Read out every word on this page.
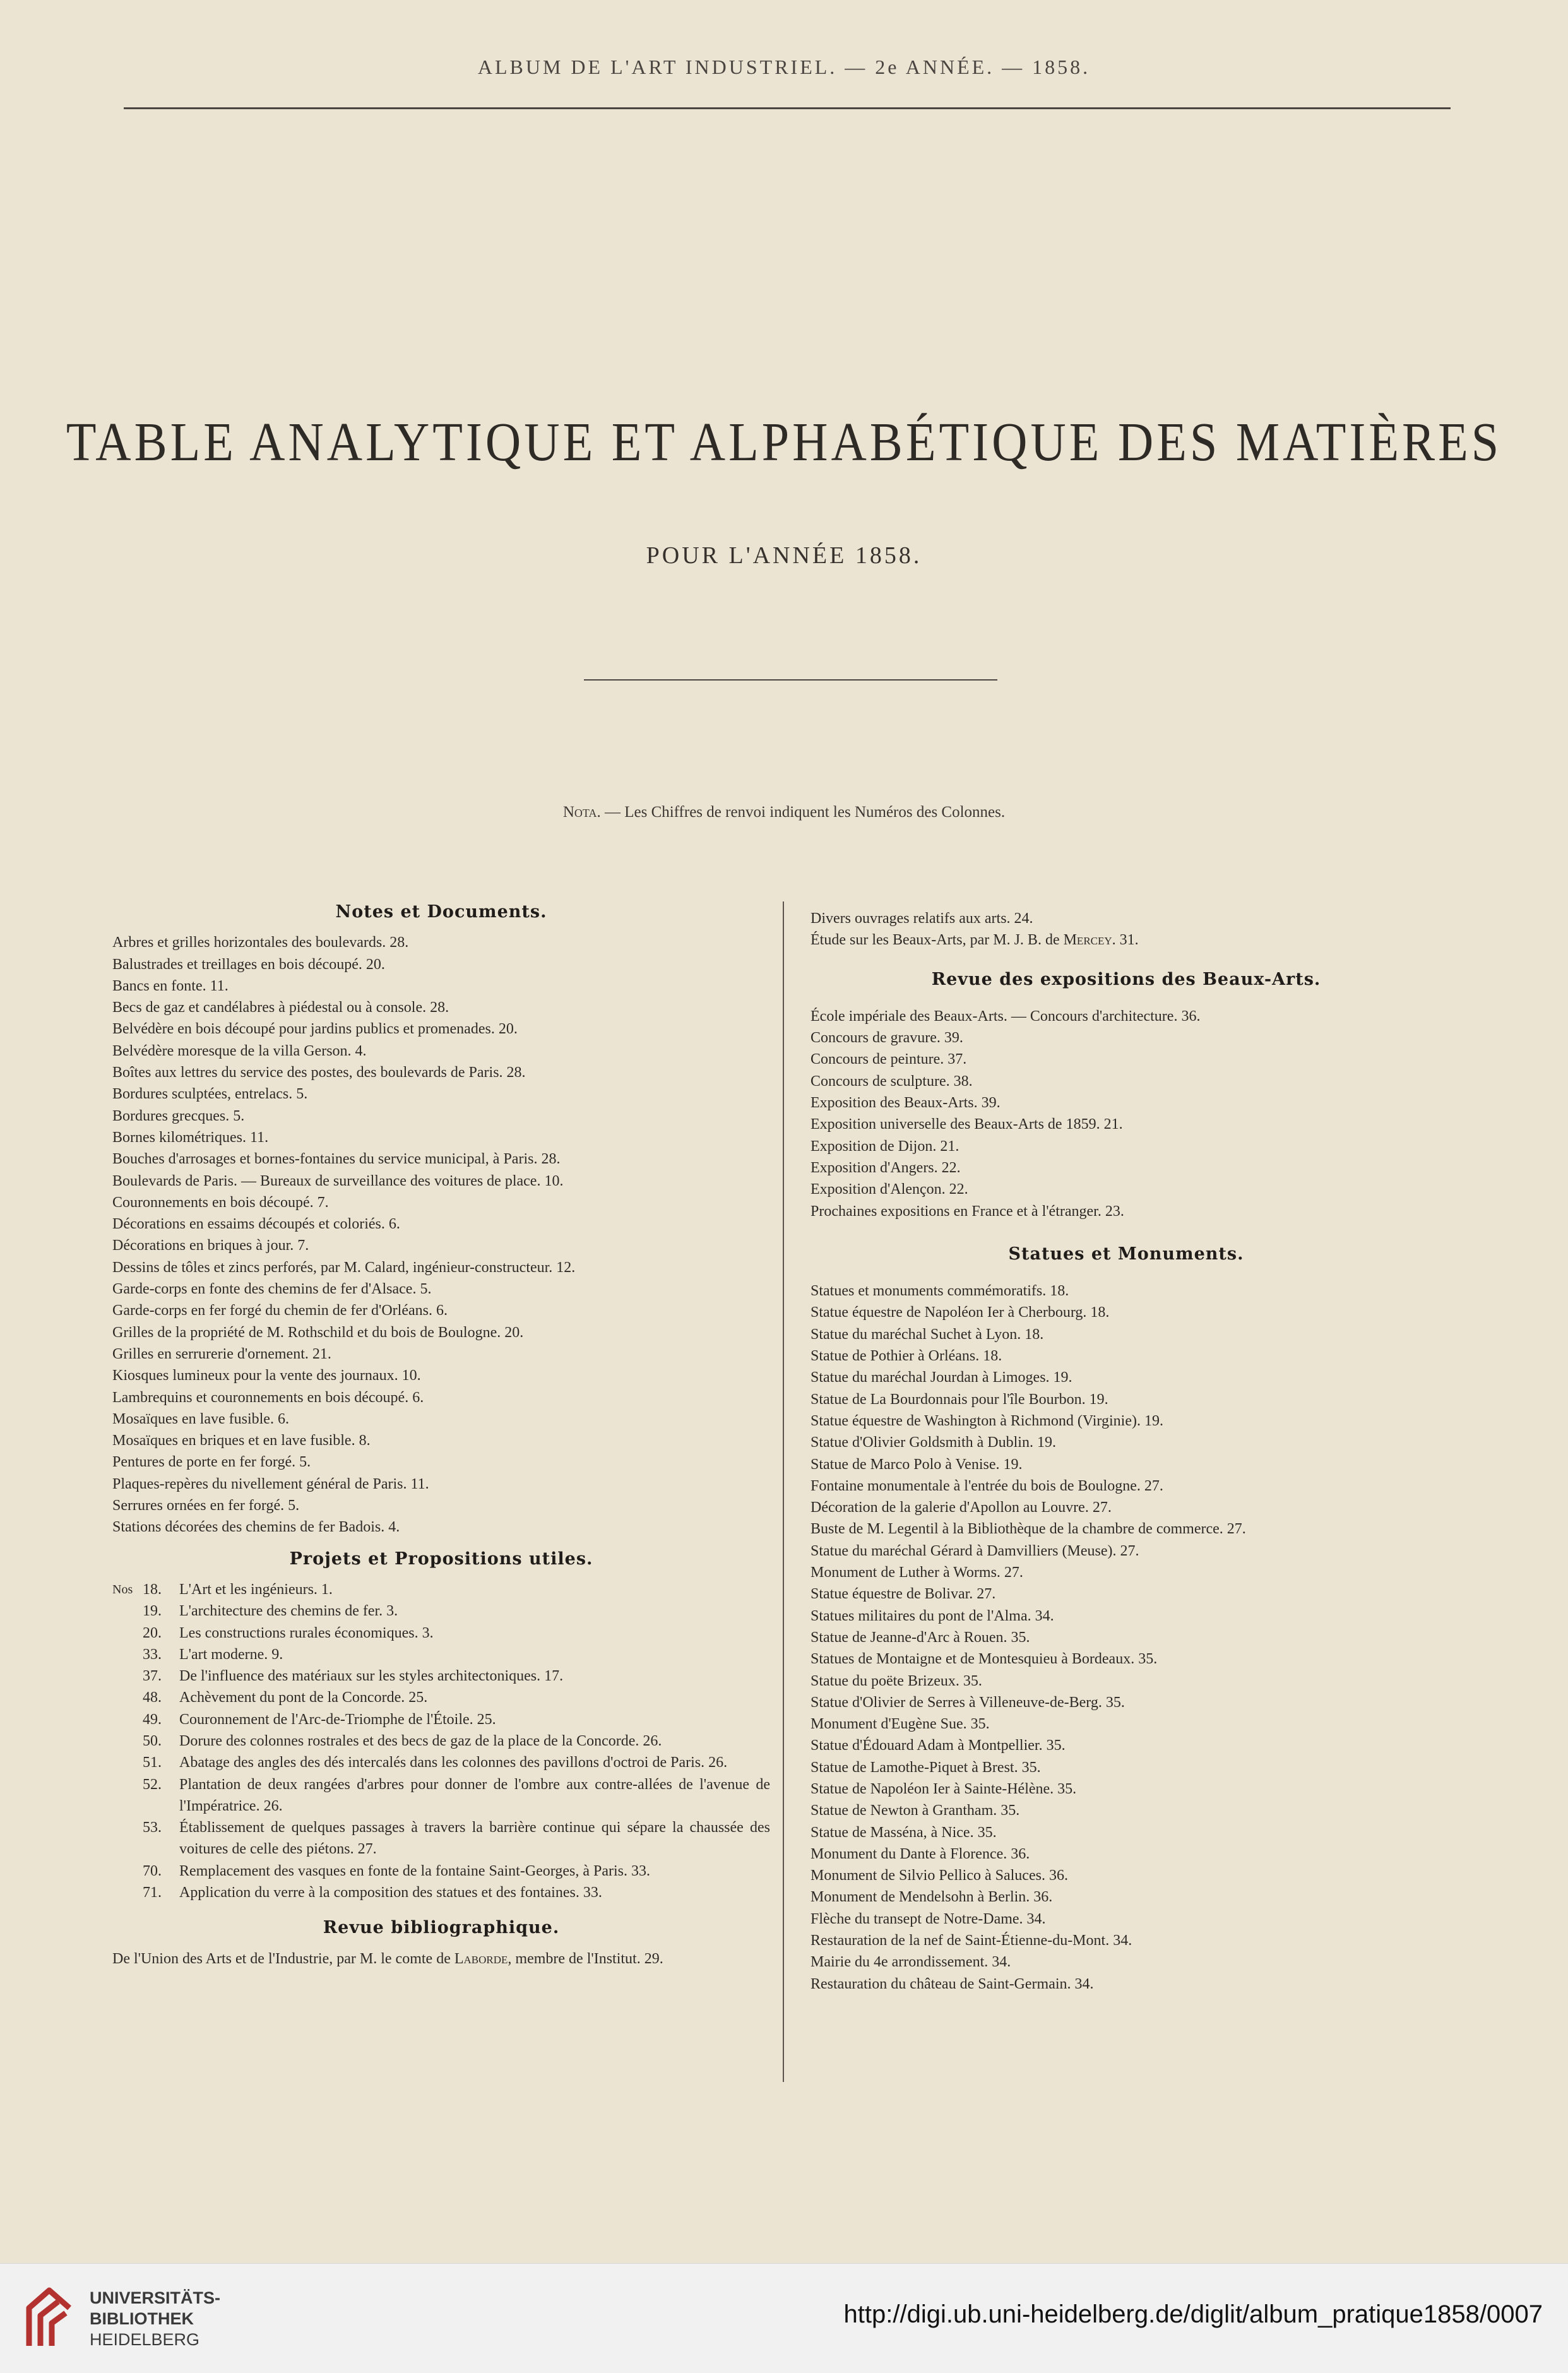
ALBUM DE L'ART INDUSTRIEL. — 2e ANNÉE. — 1858.
TABLE ANALYTIQUE ET ALPHABÉTIQUE DES MATIÈRES
POUR L'ANNÉE 1858.
Nota. — Les Chiffres de renvoi indiquent les Numéros des Colonnes.
Notes et Documents.
Arbres et grilles horizontales des boulevards. 28.
Balustrades et treillages en bois découpé. 20.
Bancs en fonte. 11.
Becs de gaz et candélabres à piédestal ou à console. 28.
Belvédère en bois découpé pour jardins publics et promenades. 20.
Belvédère moresque de la villa Gerson. 4.
Boîtes aux lettres du service des postes, des boulevards de Paris. 28.
Bordures sculptées, entrelacs. 5.
Bordures grecques. 5.
Bornes kilométriques. 11.
Bouches d'arrosages et bornes-fontaines du service municipal, à Paris. 28.
Boulevards de Paris. — Bureaux de surveillance des voitures de place. 10.
Couronnements en bois découpé. 7.
Décorations en essaims découpés et coloriés. 6.
Décorations en briques à jour. 7.
Dessins de tôles et zincs perforés, par M. Calard, ingénieur-constructeur. 12.
Garde-corps en fonte des chemins de fer d'Alsace. 5.
Garde-corps en fer forgé du chemin de fer d'Orléans. 6.
Grilles de la propriété de M. Rothschild et du bois de Boulogne. 20.
Grilles en serrurerie d'ornement. 21.
Kiosques lumineux pour la vente des journaux. 10.
Lambrequins et couronnements en bois découpé. 6.
Mosaïques en lave fusible. 6.
Mosaïques en briques et en lave fusible. 8.
Pentures de porte en fer forgé. 5.
Plaques-repères du nivellement général de Paris. 11.
Serrures ornées en fer forgé. 5.
Stations décorées des chemins de fer Badois. 4.
Projets et Propositions utiles.
Nos 18.	L'Art et les ingénieurs. 1.
19.	L'architecture des chemins de fer. 3.
20.	Les constructions rurales économiques. 3.
33.	L'art moderne. 9.
37.	De l'influence des matériaux sur les styles architectoniques. 17.
48.	Achèvement du pont de la Concorde. 25.
49.	Couronnement de l'Arc-de-Triomphe de l'Étoile. 25.
50.	Dorure des colonnes rostrales et des becs de gaz de la place de la Concorde. 26.
51.	Abatage des angles des dés intercalés dans les colonnes des pavillons d'octroi de Paris. 26.
52.	Plantation de deux rangées d'arbres pour donner de l'ombre aux contre-allées de l'avenue de l'Impératrice. 26.
53.	Établissement de quelques passages à travers la barrière continue qui sépare la chaussée des voitures de celle des piétons. 27.
70.	Remplacement des vasques en fonte de la fontaine Saint-Georges, à Paris. 33.
71.	Application du verre à la composition des statues et des fontaines. 33.
Revue bibliographique.
De l'Union des Arts et de l'Industrie, par M. le comte de Laborde, membre de l'Institut. 29.
Divers ouvrages relatifs aux arts. 24.
Étude sur les Beaux-Arts, par M. J. B. de Mercey. 31.
Revue des expositions des Beaux-Arts.
École impériale des Beaux-Arts. — Concours d'architecture. 36.
Concours de gravure. 39.
Concours de peinture. 37.
Concours de sculpture. 38.
Exposition des Beaux-Arts. 39.
Exposition universelle des Beaux-Arts de 1859. 21.
Exposition de Dijon. 21.
Exposition d'Angers. 22.
Exposition d'Alençon. 22.
Prochaines expositions en France et à l'étranger. 23.
Statues et Monuments.
Statues et monuments commémoratifs. 18.
Statue équestre de Napoléon Ier à Cherbourg. 18.
Statue du maréchal Suchet à Lyon. 18.
Statue de Pothier à Orléans. 18.
Statue du maréchal Jourdan à Limoges. 19.
Statue de La Bourdonnais pour l'île Bourbon. 19.
Statue équestre de Washington à Richmond (Virginie). 19.
Statue d'Olivier Goldsmith à Dublin. 19.
Statue de Marco Polo à Venise. 19.
Fontaine monumentale à l'entrée du bois de Boulogne. 27.
Décoration de la galerie d'Apollon au Louvre. 27.
Buste de M. Legentil à la Bibliothèque de la chambre de commerce. 27.
Statue du maréchal Gérard à Damvilliers (Meuse). 27.
Monument de Luther à Worms. 27.
Statue équestre de Bolivar. 27.
Statues militaires du pont de l'Alma. 34.
Statue de Jeanne-d'Arc à Rouen. 35.
Statues de Montaigne et de Montesquieu à Bordeaux. 35.
Statue du poëte Brizeux. 35.
Statue d'Olivier de Serres à Villeneuve-de-Berg. 35.
Monument d'Eugène Sue. 35.
Statue d'Édouard Adam à Montpellier. 35.
Statue de Lamothe-Piquet à Brest. 35.
Statue de Napoléon Ier à Sainte-Hélène. 35.
Statue de Newton à Grantham. 35.
Statue de Masséna, à Nice. 35.
Monument du Dante à Florence. 36.
Monument de Silvio Pellico à Saluces. 36.
Monument de Mendelsohn à Berlin. 36.
Flèche du transept de Notre-Dame. 34.
Restauration de la nef de Saint-Étienne-du-Mont. 34.
Mairie du 4e arrondissement. 34.
Restauration du château de Saint-Germain. 34.
UNIVERSITÄTS-
BIBLIOTHEK
HEIDELBERG
http://digi.ub.uni-heidelberg.de/diglit/album_pratique1858/0007
